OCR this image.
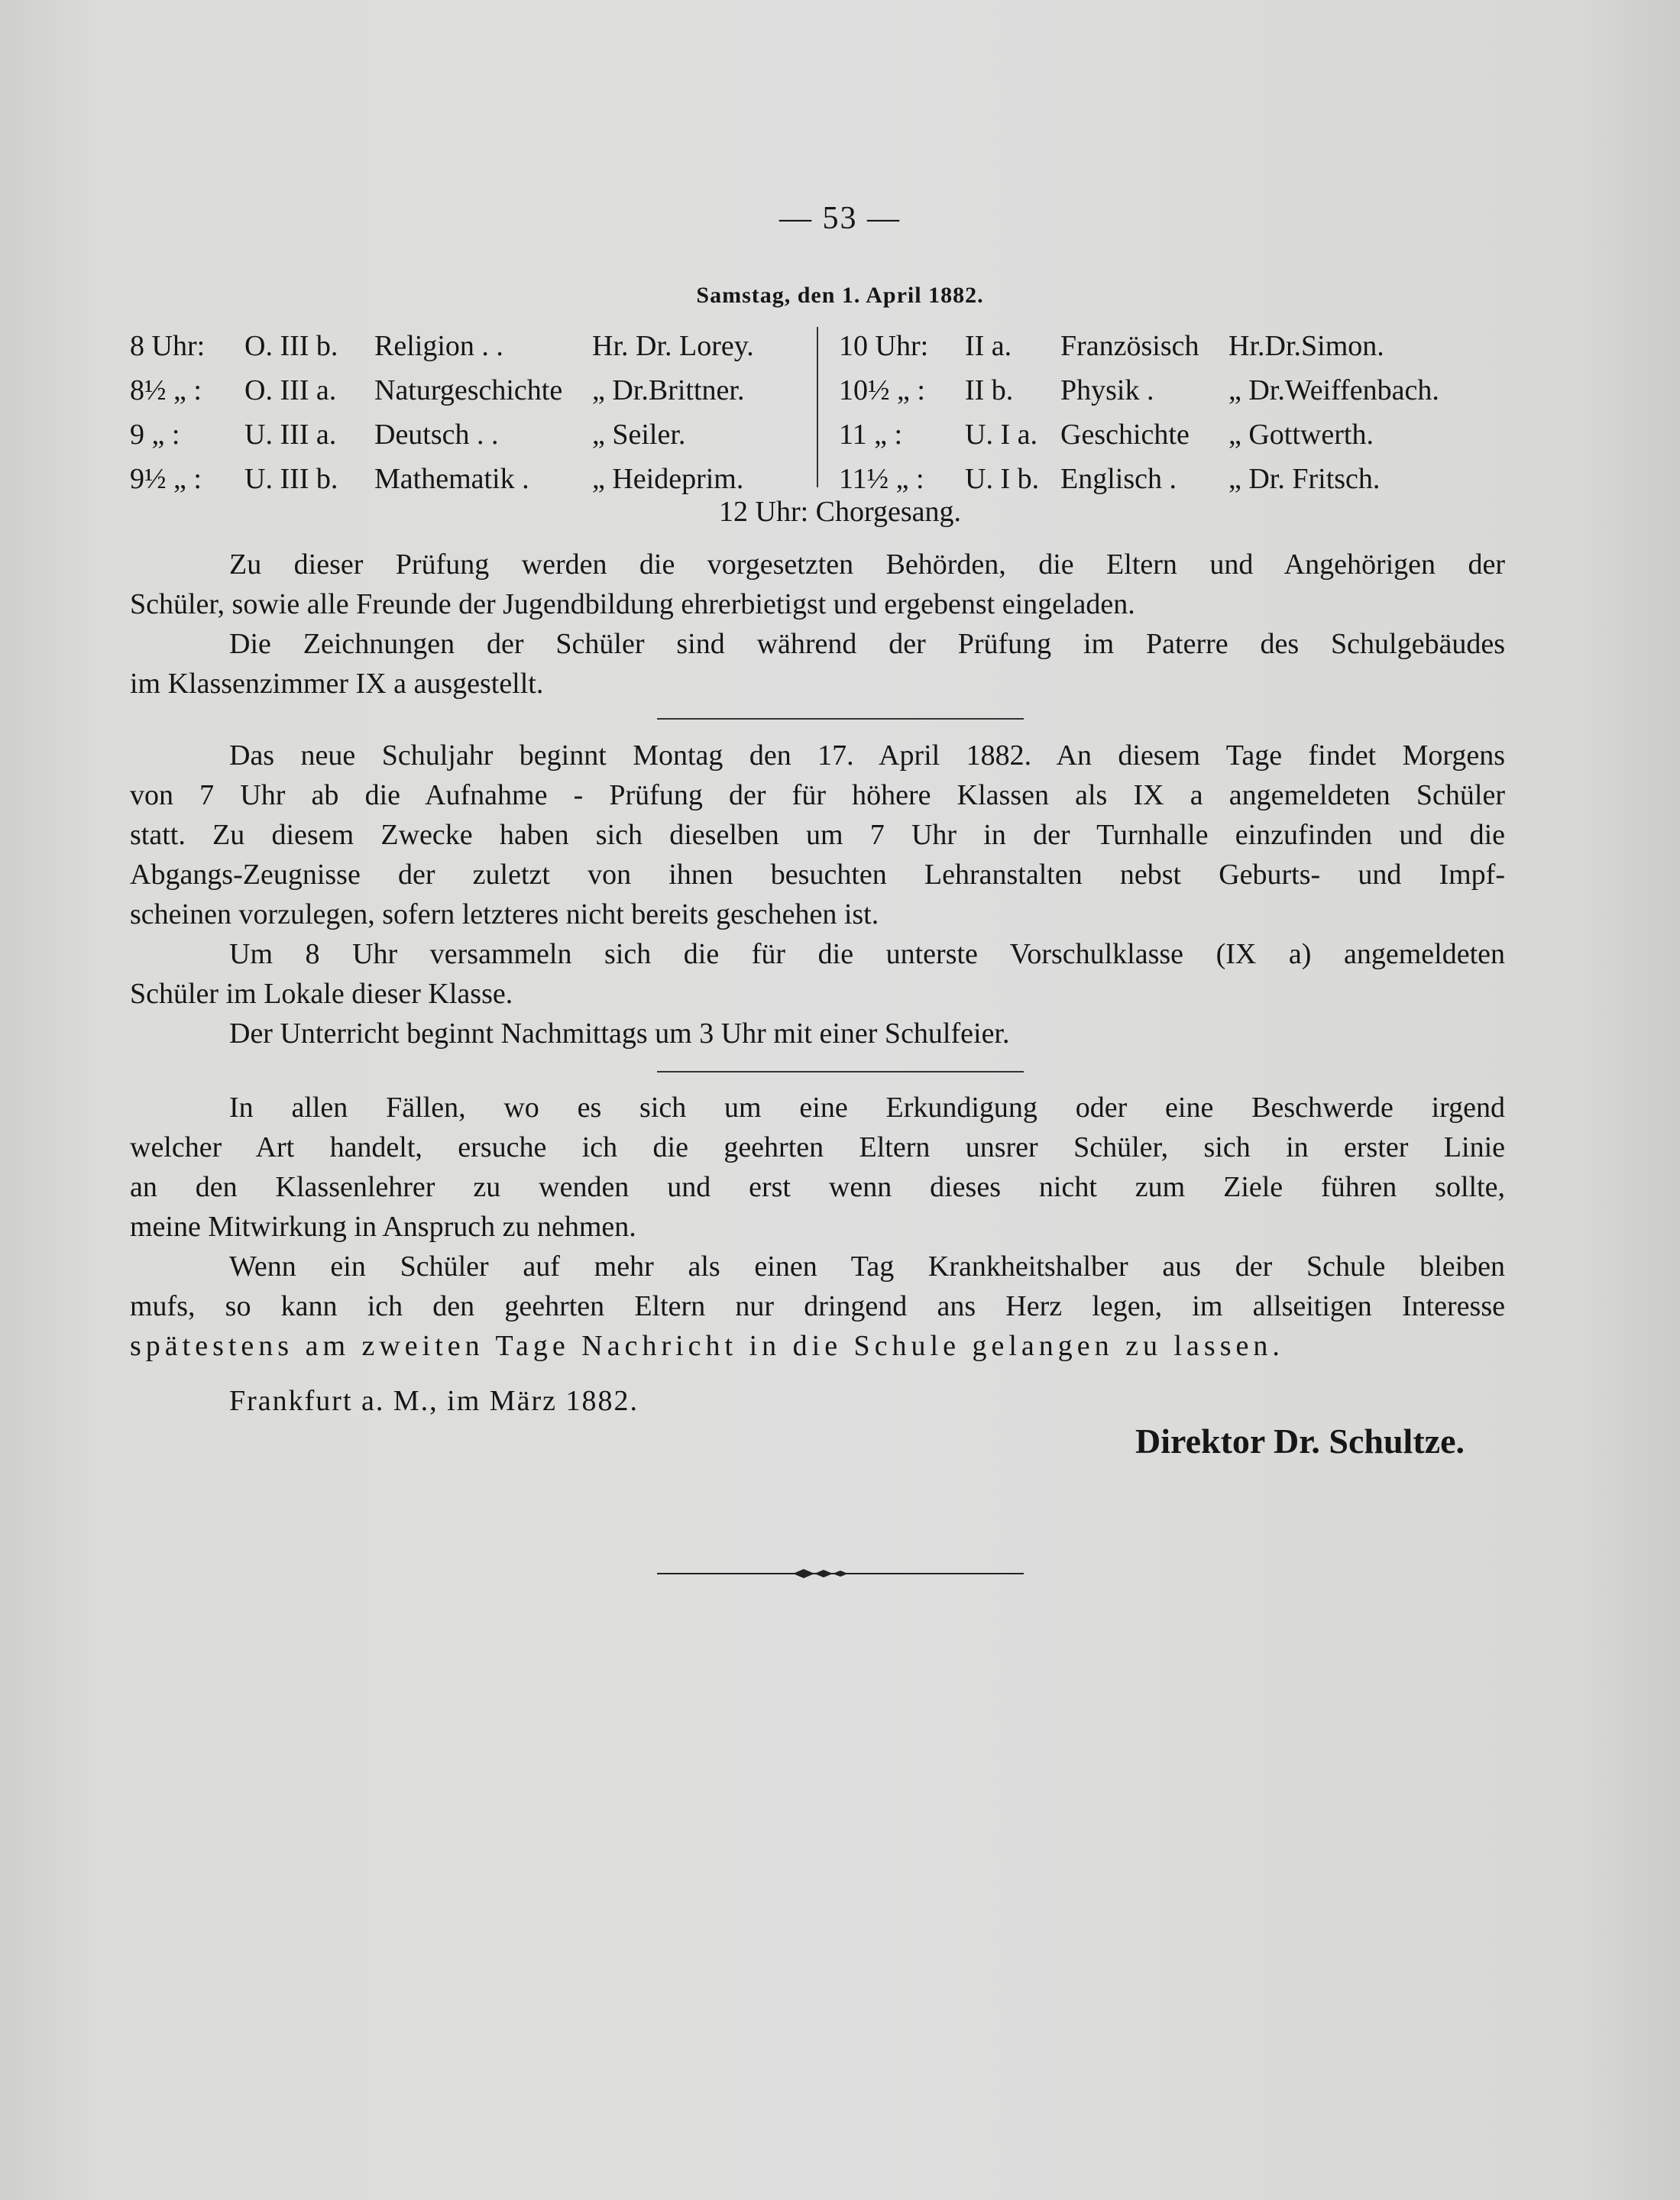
— 53 —
Samstag, den 1. April 1882.
8 Uhr: O. III b. Religion . .	Hr. Dr. Lorey.
8½ „ : O. III a. Naturgeschichte „ Dr.Brittner.
9 „ : U. III a. Deutsch . .	„ Seiler.
9½ „ : U. III b. Mathematik . „ Heideprim.
10 Uhr: II a. Französisch Hr.Dr.Simon.
10½ „ : II b. Physik .	„ Dr.Weiffenbach.
11 „ : U. I a. Geschichte „ Gottwerth.
11½ „ : U. I b. Englisch . „ Dr. Fritsch.
12 Uhr: Chorgesang.
Zu dieser Prüfung werden die vorgesetzten Behörden, die Eltern und Angehörigen der
Schüler, sowie alle Freunde der Jugendbildung ehrerbietigst und ergebenst eingeladen.
Die Zeichnungen der Schüler sind während der Prüfung im Paterre des Schulgebäudes
im Klassenzimmer IX a ausgestellt.
Das neue Schuljahr beginnt Montag den 17. April 1882. An diesem Tage findet Morgens
von 7 Uhr ab die Aufnahme - Prüfung der für höhere Klassen als IX a angemeldeten Schüler
statt. Zu diesem Zwecke haben sich dieselben um 7 Uhr in der Turnhalle einzufinden und die
Abgangs-Zeugnisse der zuletzt von ihnen besuchten Lehranstalten nebst Geburts- und Impf-
scheinen vorzulegen, sofern letzteres nicht bereits geschehen ist.
Um 8 Uhr versammeln sich die für die unterste Vorschulklasse (IX a) angemeldeten
Schüler im Lokale dieser Klasse.
Der Unterricht beginnt Nachmittags um 3 Uhr mit einer Schulfeier.
In allen Fällen, wo es sich um eine Erkundigung oder eine Beschwerde irgend
welcher Art handelt, ersuche ich die geehrten Eltern unsrer Schüler, sich in erster Linie
an den Klassenlehrer zu wenden und erst wenn dieses nicht zum Ziele führen sollte,
meine Mitwirkung in Anspruch zu nehmen.
Wenn ein Schüler auf mehr als einen Tag Krankheitshalber aus der Schule bleiben
mufs, so kann ich den geehrten Eltern nur dringend ans Herz legen, im allseitigen Interesse
spätestens am zweiten Tage Nachricht in die Schule gelangen zu lassen.
Frankfurt a. M., im März 1882.
Direktor Dr. Schultze.
